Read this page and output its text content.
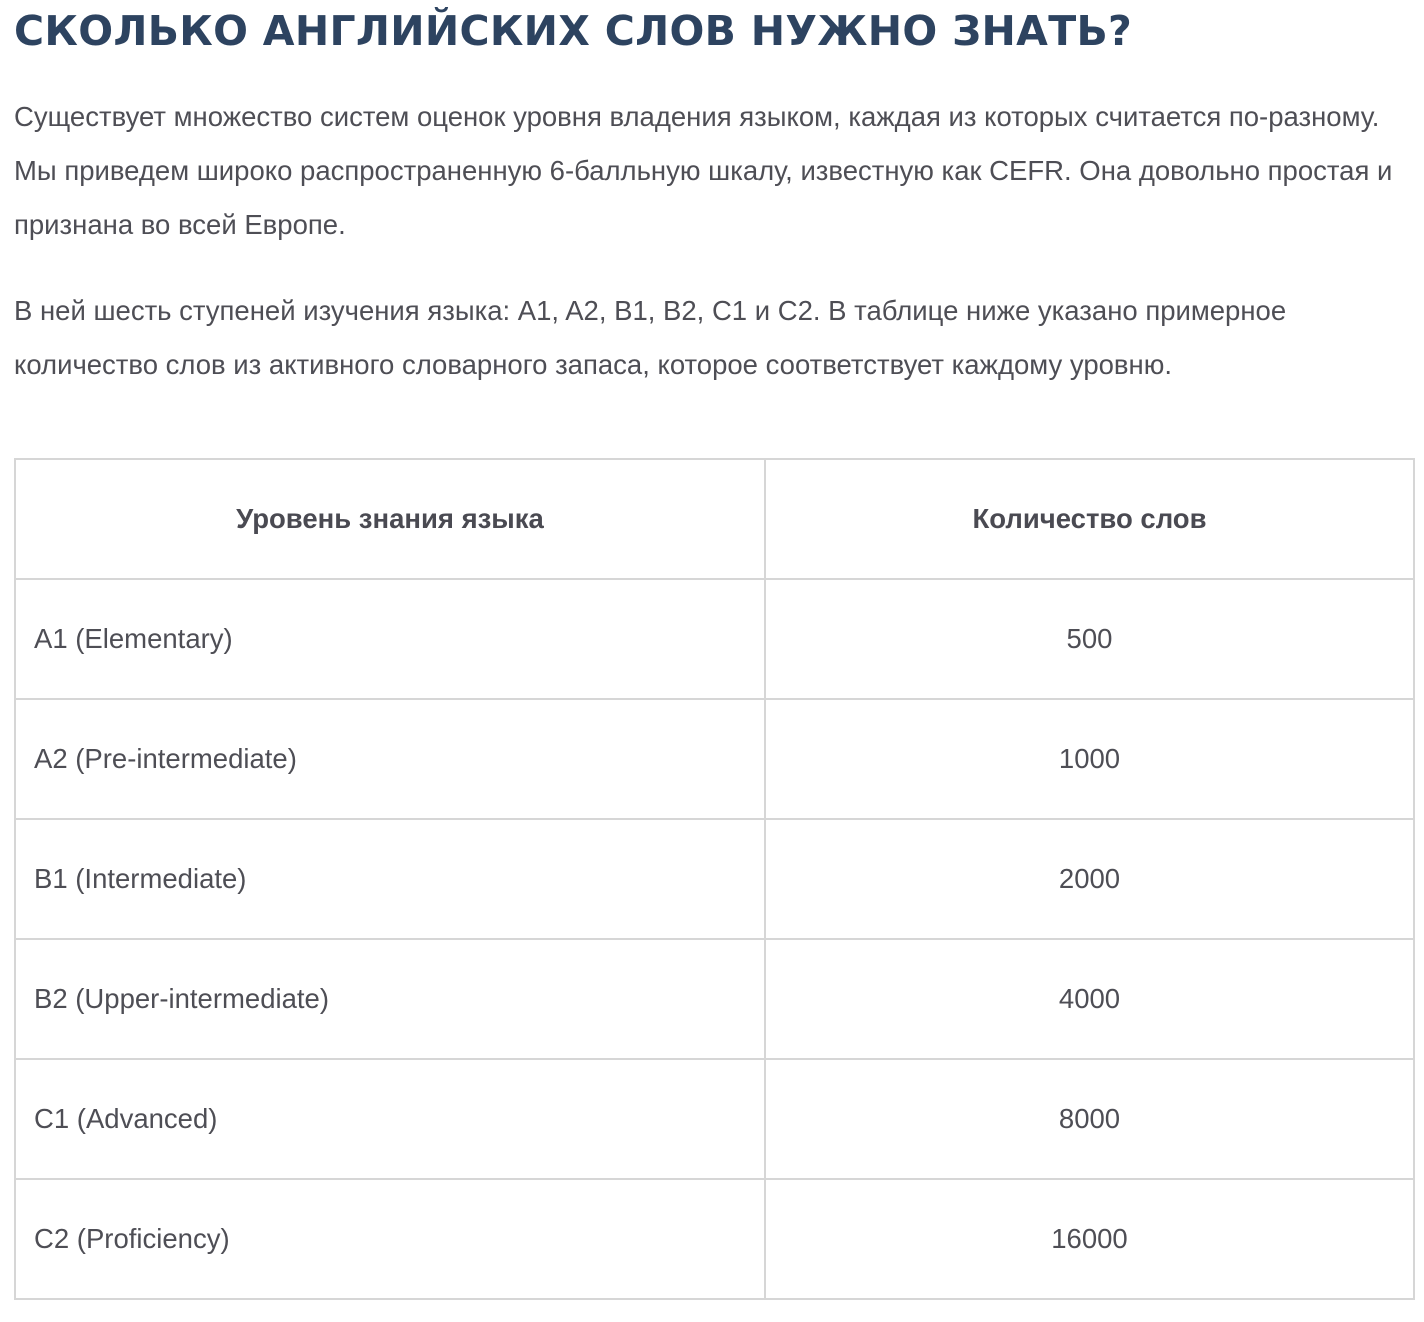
СКОЛЬКО АНГЛИЙСКИХ СЛОВ НУЖНО ЗНАТЬ?

Существует множество систем оценок уровня владения языком, каждая из которых считается по-разному. Мы приведем широко распространенную 6-балльную шкалу, известную как CEFR. Она довольно простая и признана во всей Европе.

В ней шесть ступеней изучения языка: A1, A2, B1, B2, C1 и C2. В таблице ниже указано примерное количество слов из активного словарного запаса, которое соответствует каждому уровню.

Уровень знания языка	Количество слов
A1 (Elementary)	500
A2 (Pre-intermediate)	1000
B1 (Intermediate)	2000
B2 (Upper-intermediate)	4000
C1 (Advanced)	8000
C2 (Proficiency)	16000
